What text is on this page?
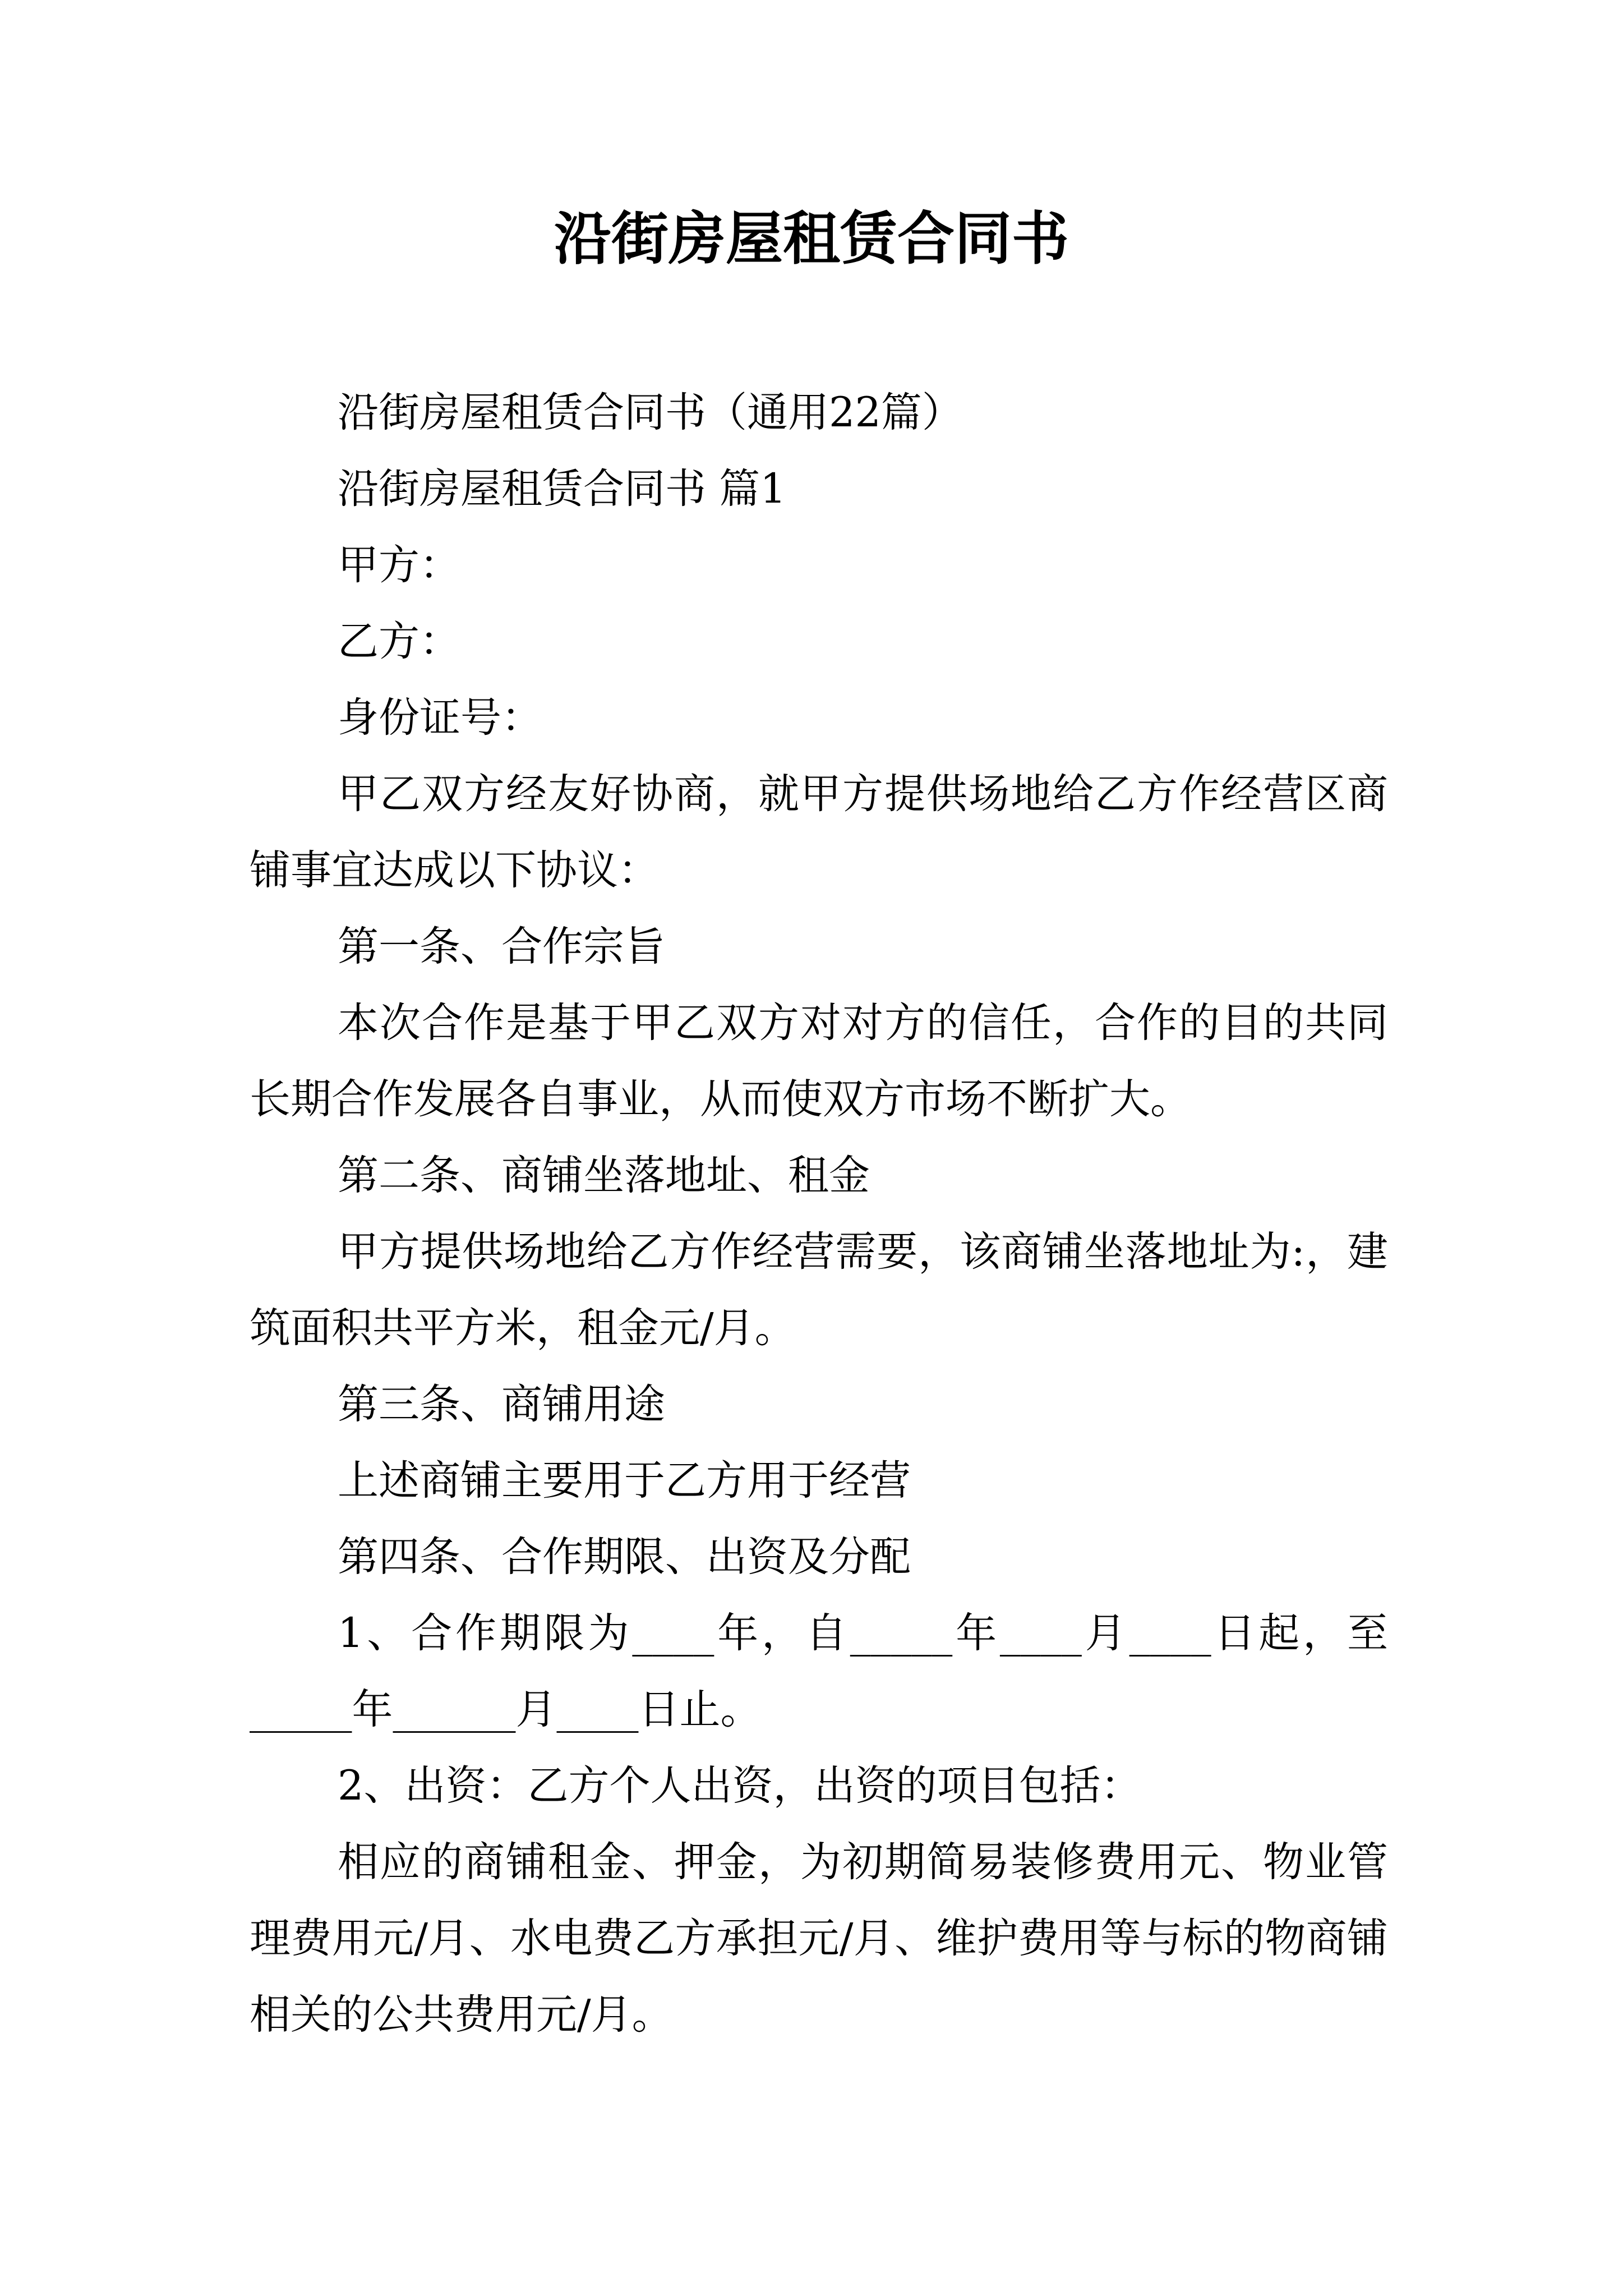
沿街房屋租赁合同书

沿街房屋租赁合同书（通用22篇）

沿街房屋租赁合同书 篇1

甲方：

乙方：

身份证号：

甲乙双方经友好协商，就甲方提供场地给乙方作经营区商铺事宜达成以下协议：

第一条、合作宗旨

本次合作是基于甲乙双方对对方的信任，合作的目的共同长期合作发展各自事业，从而使双方市场不断扩大。

第二条、商铺坐落地址、租金

甲方提供场地给乙方作经营需要，该商铺坐落地址为:，建筑面积共平方米，租金元/月。

第三条、商铺用途

上述商铺主要用于乙方用于经营

第四条、合作期限、出资及分配

1、合作期限为____年，自_____年____月____日起，至_____年______月____日止。

2、出资：乙方个人出资，出资的项目包括：

相应的商铺租金、押金，为初期简易装修费用元、物业管理费用元/月、水电费乙方承担元/月、维护费用等与标的物商铺相关的公共费用元/月。
